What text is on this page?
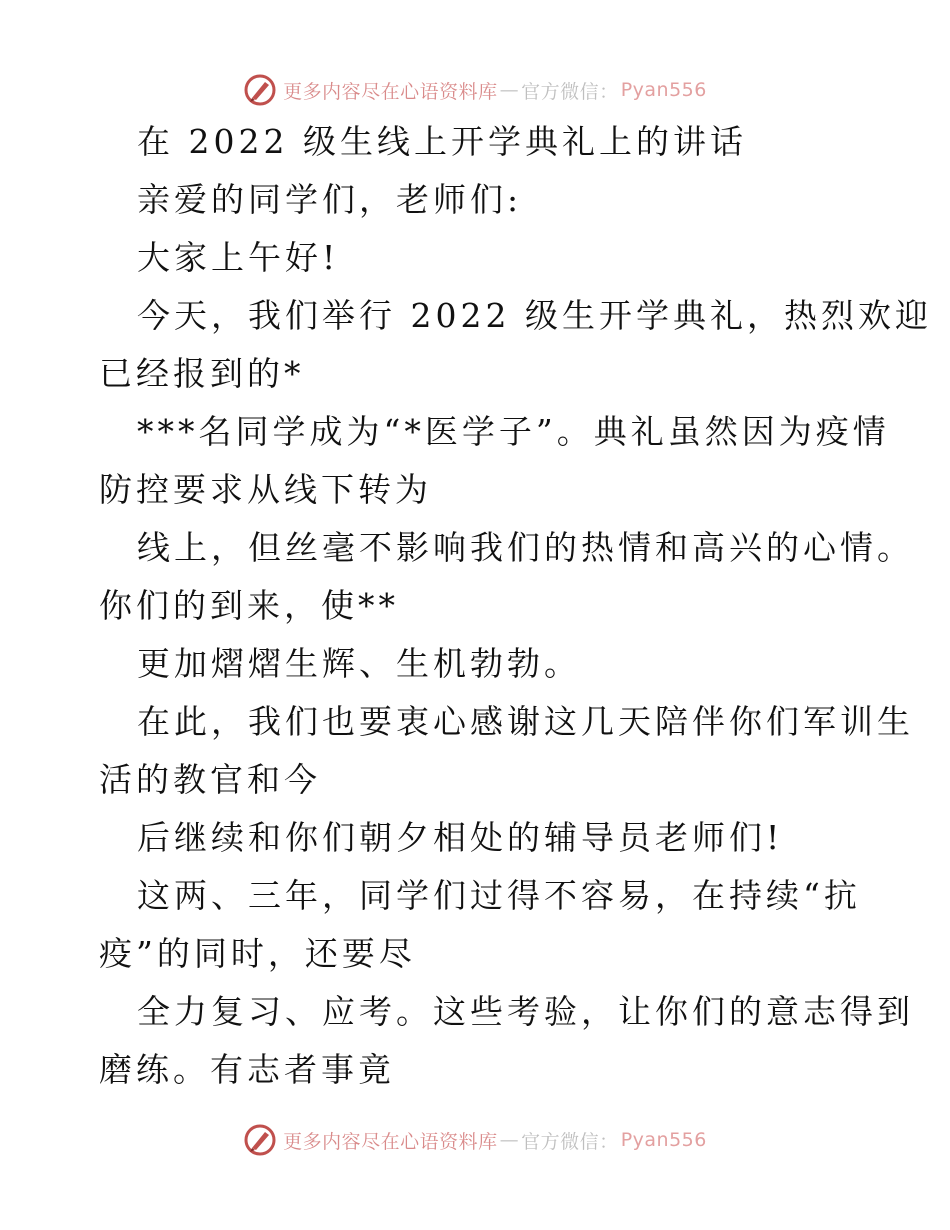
更多内容尽在心语资料库 — 官方微信： Pyan556
在 2022 级生线上开学典礼上的讲话
亲爱的同学们，老师们:
大家上午好!
今天，我们举行 2022 级生开学典礼，热烈欢迎
已经报到的*
***名同学成为“*医学子”。典礼虽然因为疫情
防控要求从线下转为
线上，但丝毫不影响我们的热情和高兴的心情。
你们的到来，使**
更加熠熠生辉、生机勃勃。
在此，我们也要衷心感谢这几天陪伴你们军训生
活的教官和今
后继续和你们朝夕相处的辅导员老师们!
这两、三年，同学们过得不容易，在持续“抗
疫”的同时，还要尽
全力复习、应考。这些考验，让你们的意志得到
磨练。有志者事竟
更多内容尽在心语资料库 — 官方微信： Pyan556
